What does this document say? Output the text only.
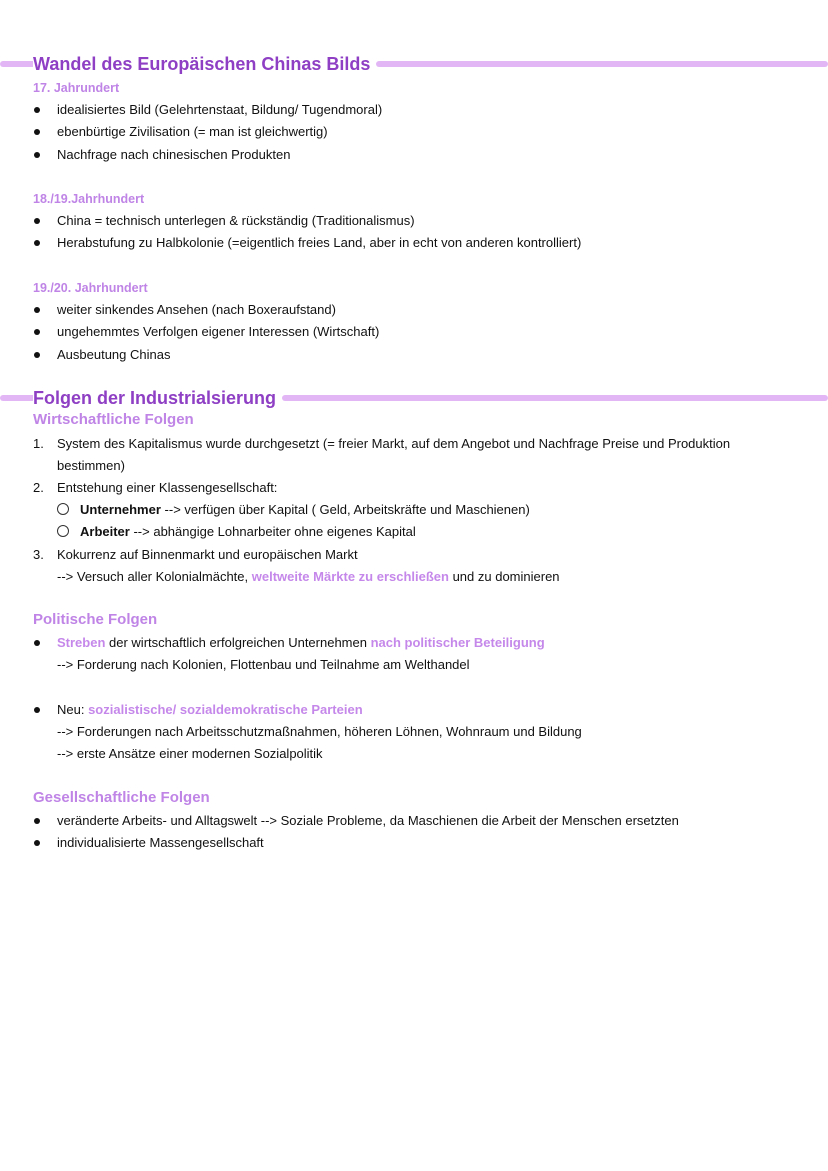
Wandel des Europäischen Chinas Bilds
17. Jahrundert
idealisiertes Bild (Gelehrtenstaat, Bildung/ Tugendmoral)
ebenbürtige Zivilisation (= man ist gleichwertig)
Nachfrage nach chinesischen Produkten
18./19.Jahrhundert
China = technisch unterlegen & rückständig (Traditionalismus)
Herabstufung zu Halbkolonie (=eigentlich freies Land, aber in echt von anderen kontrolliert)
19./20. Jahrhundert
weiter sinkendes Ansehen (nach Boxeraufstand)
ungehemmtes Verfolgen eigener Interessen (Wirtschaft)
Ausbeutung Chinas
Folgen der Industrialsierung
Wirtschaftliche Folgen
1. System des Kapitalismus wurde durchgesetzt (= freier Markt, auf dem Angebot und Nachfrage Preise und Produktion
bestimmen)
2. Entstehung einer Klassengesellschaft:
Unternehmer --> verfügen über Kapital ( Geld, Arbeitskräfte und Maschienen)
Arbeiter --> abhängige Lohnarbeiter ohne eigenes Kapital
3. Kokurrenz auf Binnenmarkt und europäischen Markt
--> Versuch aller Kolonialmächte, weltweite Märkte zu erschließen und zu dominieren
Politische Folgen
Streben der wirtschaftlich erfolgreichen Unternehmen nach politischer Beteiligung
--> Forderung nach Kolonien, Flottenbau und Teilnahme am Welthandel
Neu: sozialistische/ sozialdemokratische Parteien
--> Forderungen nach Arbeitsschutzmaßnahmen, höheren Löhnen, Wohnraum und Bildung
--> erste Ansätze einer modernen Sozialpolitik
Gesellschaftliche Folgen
veränderte Arbeits- und Alltagswelt --> Soziale Probleme, da Maschienen die Arbeit der Menschen ersetzten
individualisierte Massengesellschaft
